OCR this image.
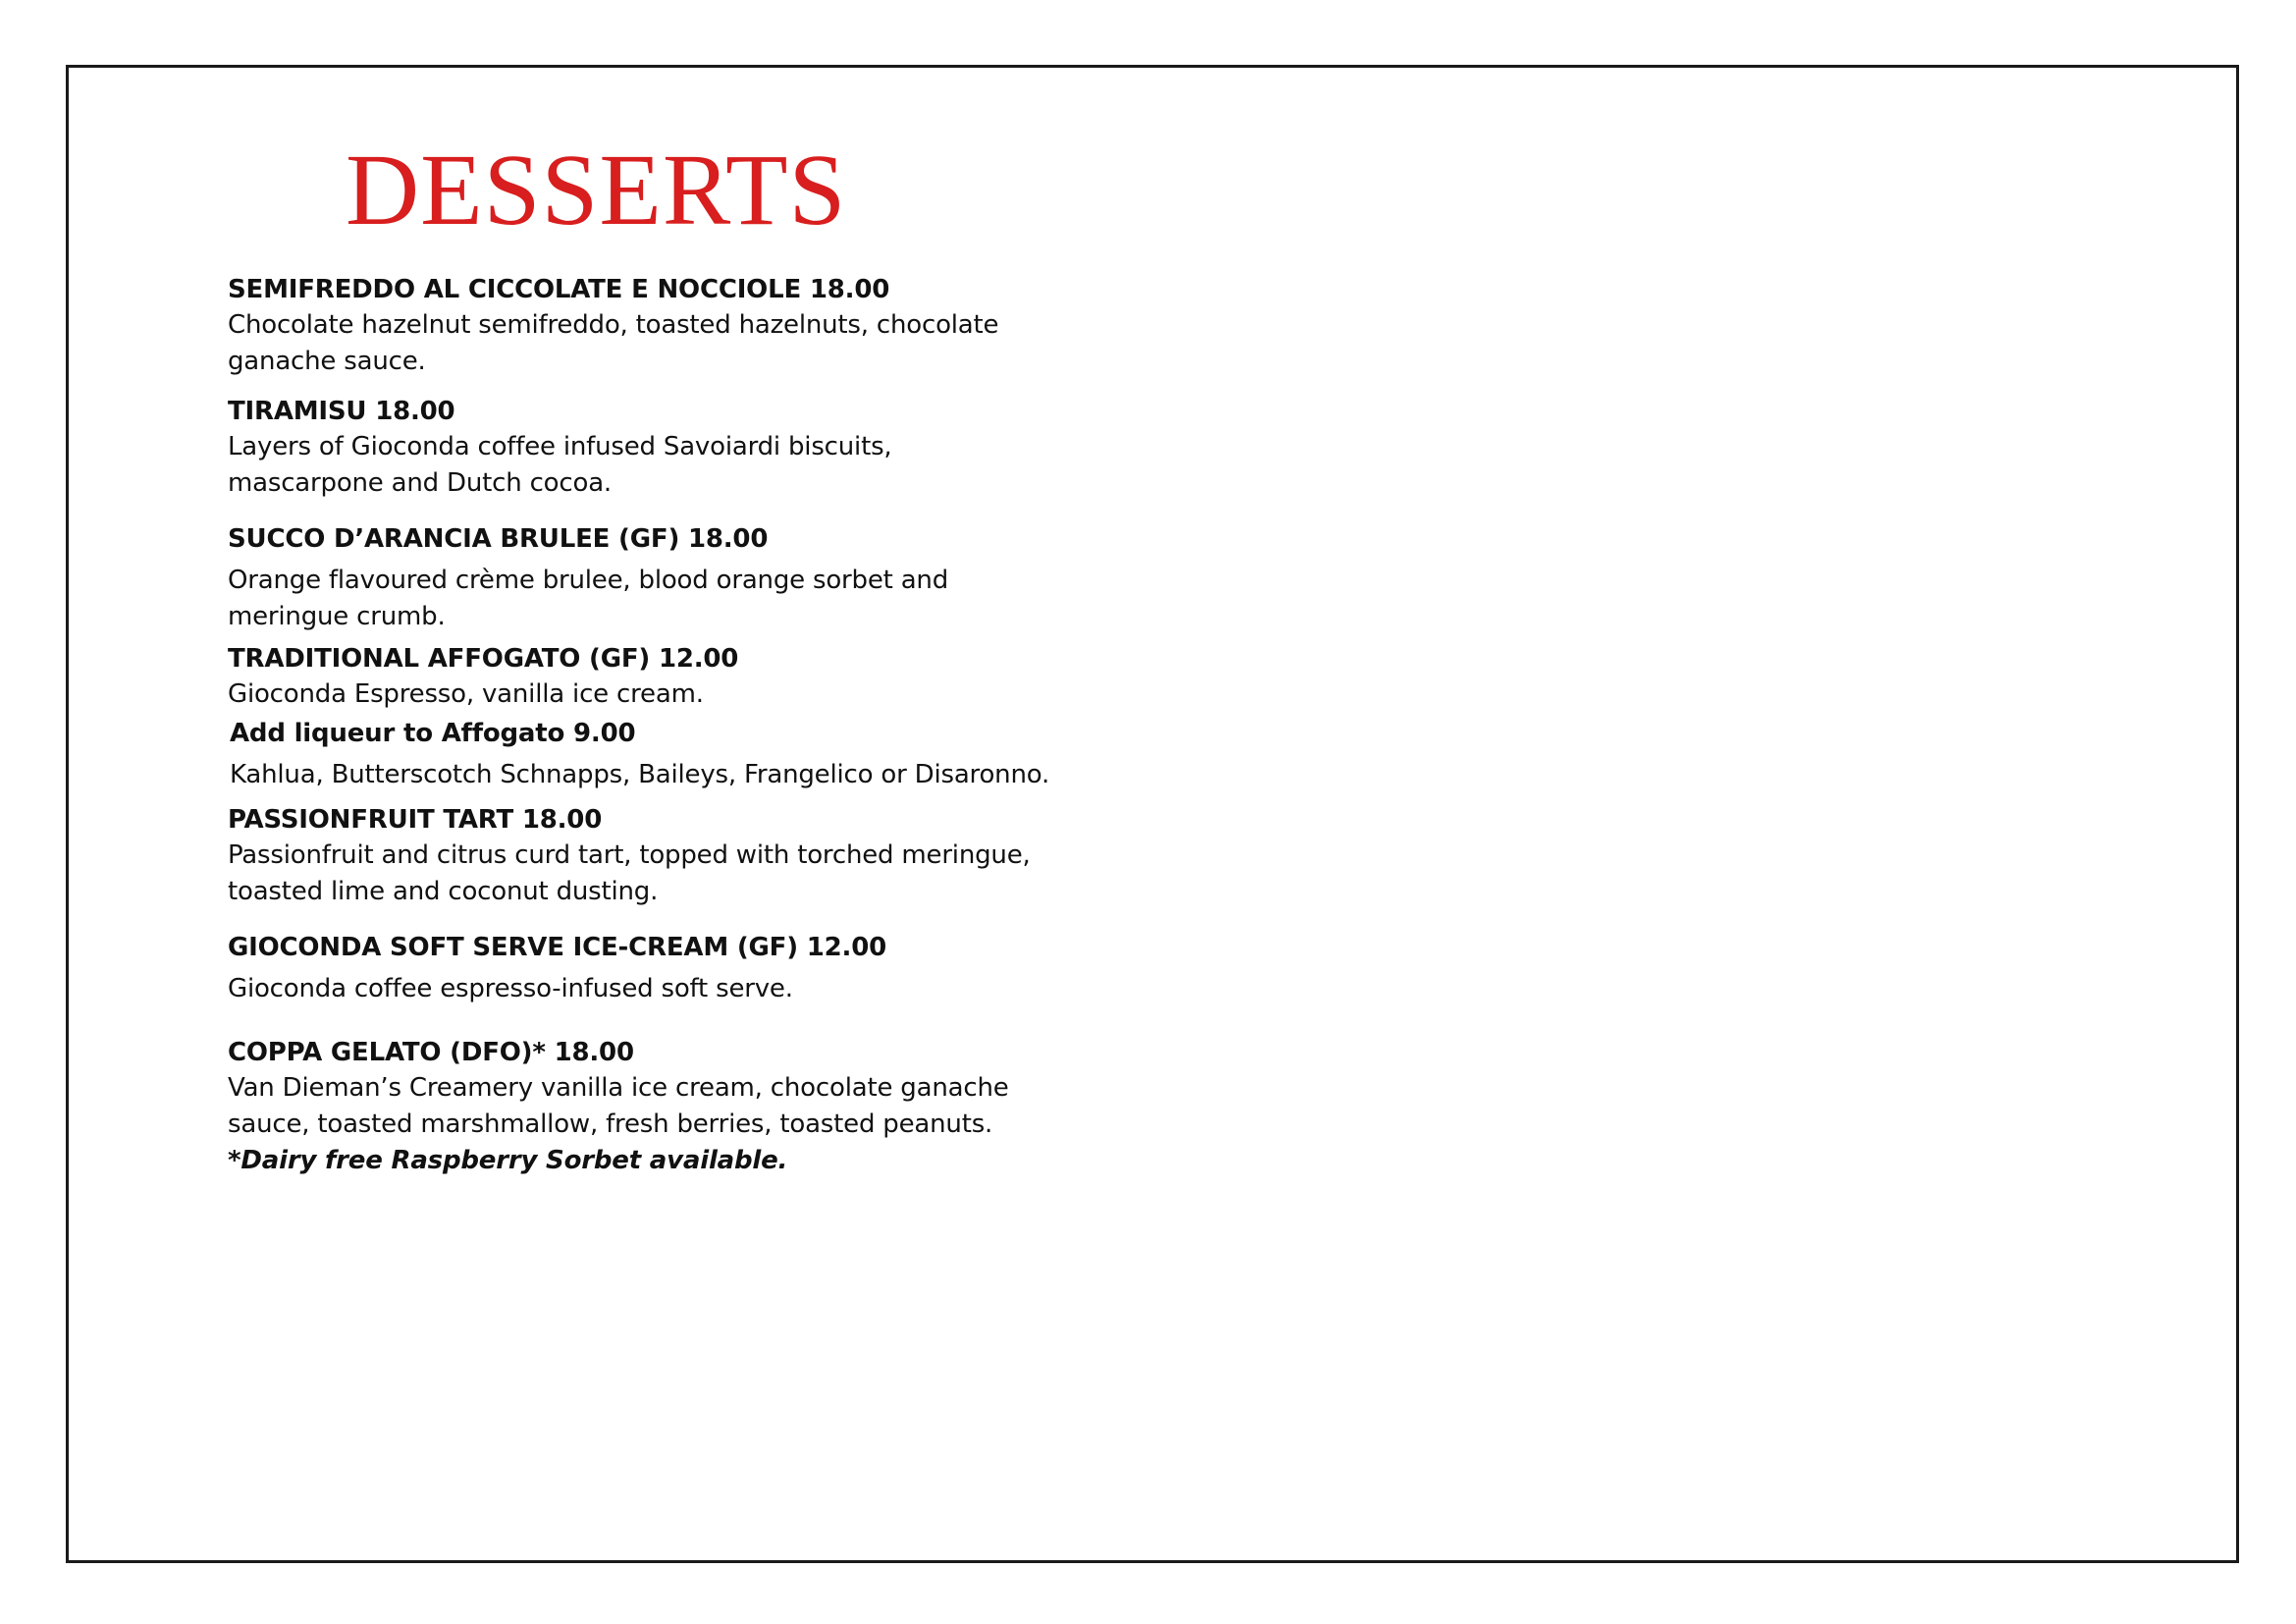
DESSERTS
SEMIFREDDO AL CICCOLATE E NOCCIOLE 18.00
Chocolate hazelnut semifreddo, toasted hazelnuts, chocolate
ganache sauce.
TIRAMISU 18.00
Layers of Gioconda coffee infused Savoiardi biscuits,
mascarpone and Dutch cocoa.
SUCCO D’ARANCIA BRULEE (GF) 18.00
Orange flavoured crème brulee, blood orange sorbet and
meringue crumb.
TRADITIONAL AFFOGATO (GF) 12.00
Gioconda Espresso, vanilla ice cream.
Add liqueur to Affogato 9.00
Kahlua, Butterscotch Schnapps, Baileys, Frangelico or Disaronno.
PASSIONFRUIT TART 18.00
Passionfruit and citrus curd tart, topped with torched meringue,
toasted lime and coconut dusting.
GIOCONDA SOFT SERVE ICE-CREAM (GF) 12.00
Gioconda coffee espresso-infused soft serve.
COPPA GELATO (DFO)* 18.00
Van Dieman’s Creamery vanilla ice cream, chocolate ganache
sauce, toasted marshmallow, fresh berries, toasted peanuts.
*Dairy free Raspberry Sorbet available.
